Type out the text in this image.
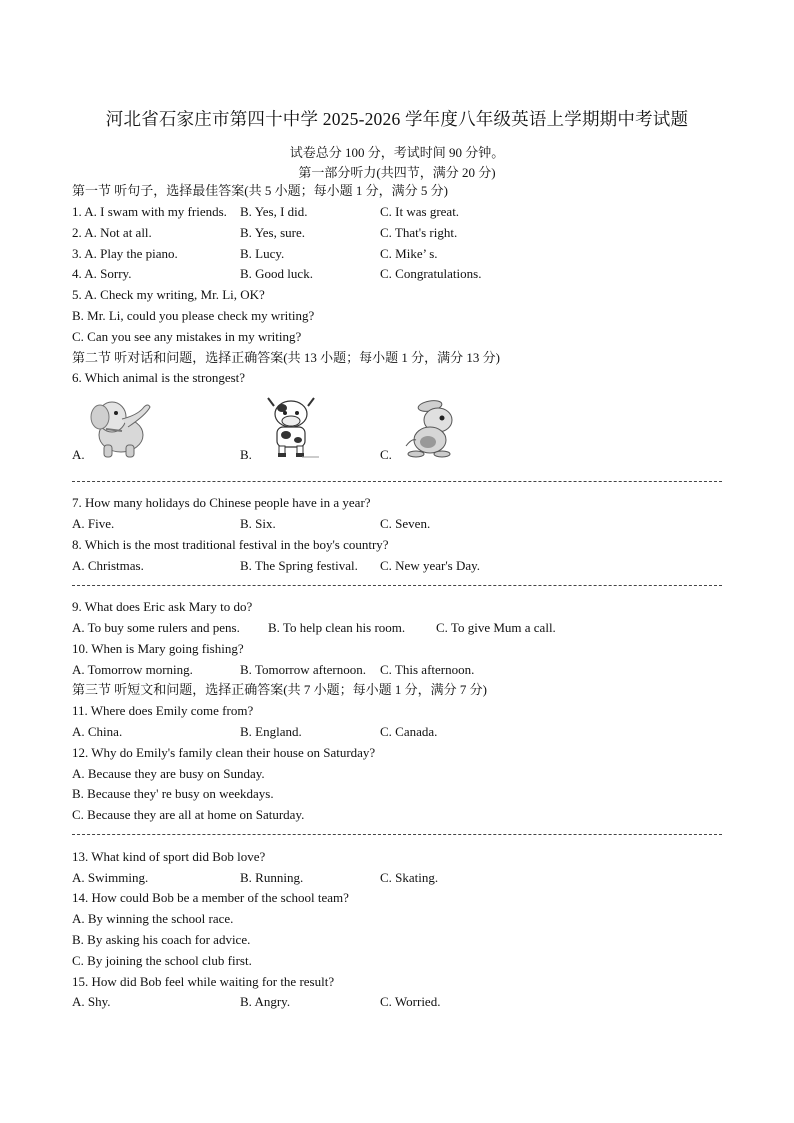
河北省石家庄市第四十中学 2025-2026 学年度八年级英语上学期期中考试题
试卷总分 100 分，考试时间 90 分钟。
第一部分听力(共四节，满分 20 分)
第一节 听句子，选择最佳答案(共 5 小题；每小题 1 分，满分 5 分)
1. A. I swam with my friends. B. Yes, I did.	C. It was great.
2. A. Not at all.	B. Yes, sure.	C. That's right.
3. A. Play the piano.	B. Lucy.	C. Mike’ s.
4. A. Sorry.	B. Good luck.	C. Congratulations.
5. A. Check my writing, Mr. Li, OK?
B. Mr. Li, could you please check my writing?
C. Can you see any mistakes in my writing?
第二节 听对话和问题，选择正确答案(共 13 小题；每小题 1 分，满分 13 分)
6. Which animal is the strongest?
A.	B.	C.
7. How many holidays do Chinese people have in a year?
A. Five.	B. Six.	C. Seven.
8. Which is the most traditional festival in the boy's country?
A. Christmas.	B. The Spring festival. C. New year's Day.
9. What does Eric ask Mary to do?
A. To buy some rulers and pens. B. To help clean his room. C. To give Mum a call.
10. When is Mary going fishing?
A. Tomorrow morning.	B. Tomorrow afternoon. C. This afternoon.
第三节 听短文和问题，选择正确答案(共 7 小题；每小题 1 分，满分 7 分)
11. Where does Emily come from?
A. China.	B. England.	C. Canada.
12. Why do Emily's family clean their house on Saturday?
A. Because they are busy on Sunday.
B. Because they' re busy on weekdays.
C. Because they are all at home on Saturday.
13. What kind of sport did Bob love?
A. Swimming.	B. Running.	C. Skating.
14. How could Bob be a member of the school team?
A. By winning the school race.
B. By asking his coach for advice.
C. By joining the school club first.
15. How did Bob feel while waiting for the result?
A. Shy.	B. Angry.	C. Worried.
